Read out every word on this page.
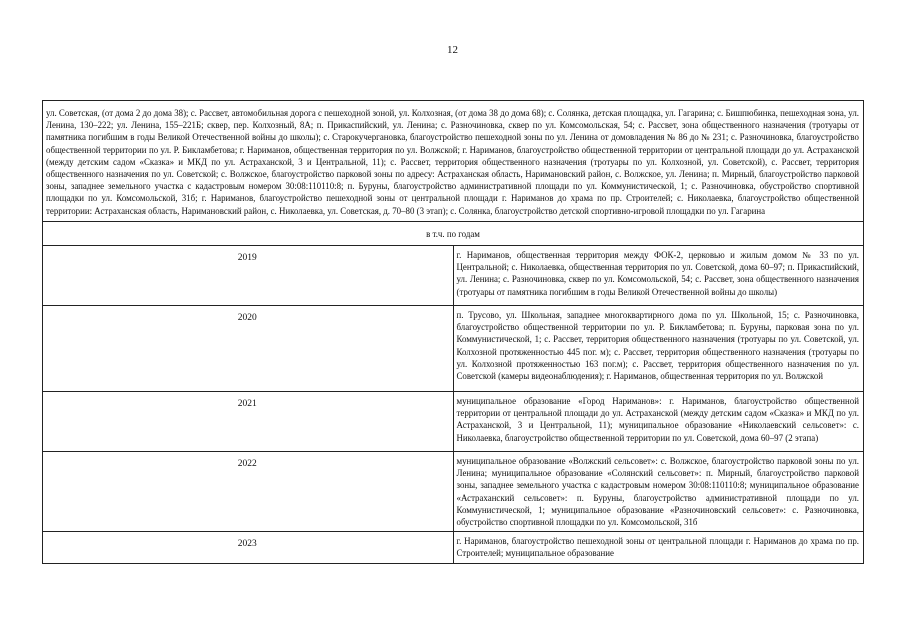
12
ул. Советская, (от дома 2 до дома 38); с. Рассвет, автомобильная дорога с пешеходной зоной, ул. Колхозная, (от дома 38 до дома 68); с. Солянка, детская площадка, ул. Гагарина; с. Бишпюбинка, пешеходная зона, ул. Ленина, 130–222; ул. Ленина, 155–221Б; сквер, пер. Колхозный, 8А; п. Прикаспийский, ул. Ленина; с. Разночиновка, сквер по ул. Комсомольская, 54; с. Рассвет, зона общественного назначения (тротуары от памятника погибшим в годы Великой Отечественной войны до школы); с. Старокучергановка, благоустройство пешеходной зоны по ул. Ленина от домовладения № 86 до № 231; с. Разночиновка, благоустройство общественной территории по ул. Р. Бикламбетова; г. Нариманов, общественная территория по ул. Волжской; г. Нариманов, благоустройство общественной территории от центральной площади до ул. Астраханской (между детским садом «Сказка» и МКД по ул. Астраханской, 3 и Центральной, 11); с. Рассвет, территория общественного назначения (тротуары по ул. Колхозной, ул. Советской), с. Рассвет, территория общественного назначения по ул. Советской; с. Волжское, благоустройство парковой зоны по адресу: Астраханская область, Наримановский район, с. Волжское, ул. Ленина; п. Мирный, благоустройство парковой зоны, западнее земельного участка с кадастровым номером 30:08:110110:8; п. Буруны, благоустройство административной площади по ул. Коммунистической, 1; с. Разночиновка, обустройство спортивной площадки по ул. Комсомольской, 31б; г. Нариманов, благоустройство пешеходной зоны от центральной площади г. Нариманов до храма по пр. Строителей; с. Николаевка, благоустройство общественной территории: Астраханская область, Наримановский район, с. Николаевка, ул. Советская, д. 70–80 (3 этап); с. Солянка, благоустройство детской спортивно-игровой площадки по ул. Гагарина	
в т.ч. по годам	
2019	г. Нариманов, общественная территория между ФОК-2, церковью и жилым домом № 33 по ул. Центральной; с. Николаевка, общественная территория по ул. Советской, дома 60–97; п. Прикаспийский, ул. Ленина; с. Разночиновка, сквер по ул. Комсомольской, 54; с. Рассвет, зона общественного назначения (тротуары от памятника погибшим в годы Великой Отечественной войны до школы)
2020	п. Трусово, ул. Школьная, западнее многоквартирного дома по ул. Школьной, 15; с. Разночиновка, благоустройство общественной территории по ул. Р. Бикламбетова; п. Буруны, парковая зона по ул. Коммунистической, 1; с. Рассвет, территория общественного назначения (тротуары по ул. Советской, ул. Колхозной протяженностью 445 пог. м); с. Рассвет, территория общественного назначения (тротуары по ул. Колхозной протяженностью 163 пог.м); с. Рассвет, территория общественного назначения по ул. Советской (камеры видеонаблюдения); г. Нариманов, общественная территория по ул. Волжской
2021	муниципальное образование «Город Нариманов»: г. Нариманов, благоустройство общественной территории от центральной площади до ул. Астраханской (между детским садом «Сказка» и МКД по ул. Астраханской, 3 и Центральной, 11); муниципальное образование «Николаевский сельсовет»: с. Николаевка, благоустройство общественной территории по ул. Советской, дома 60–97 (2 этапа)
2022	муниципальное образование «Волжский сельсовет»: с. Волжское, благоустройство парковой зоны по ул. Ленина; муниципальное образование «Солянский сельсовет»: п. Мирный, благоустройство парковой зоны, западнее земельного участка с кадастровым номером 30:08:110110:8; муниципальное образование «Астраханский сельсовет»: п. Буруны, благоустройство административной площади по ул. Коммунистической, 1; муниципальное образование «Разночиновский сельсовет»: с. Разночиновка, обустройство спортивной площадки по ул. Комсомольской, 31б
2023	г. Нариманов, благоустройство пешеходной зоны от центральной площади г. Нариманов до храма по пр. Строителей; муниципальное образование
